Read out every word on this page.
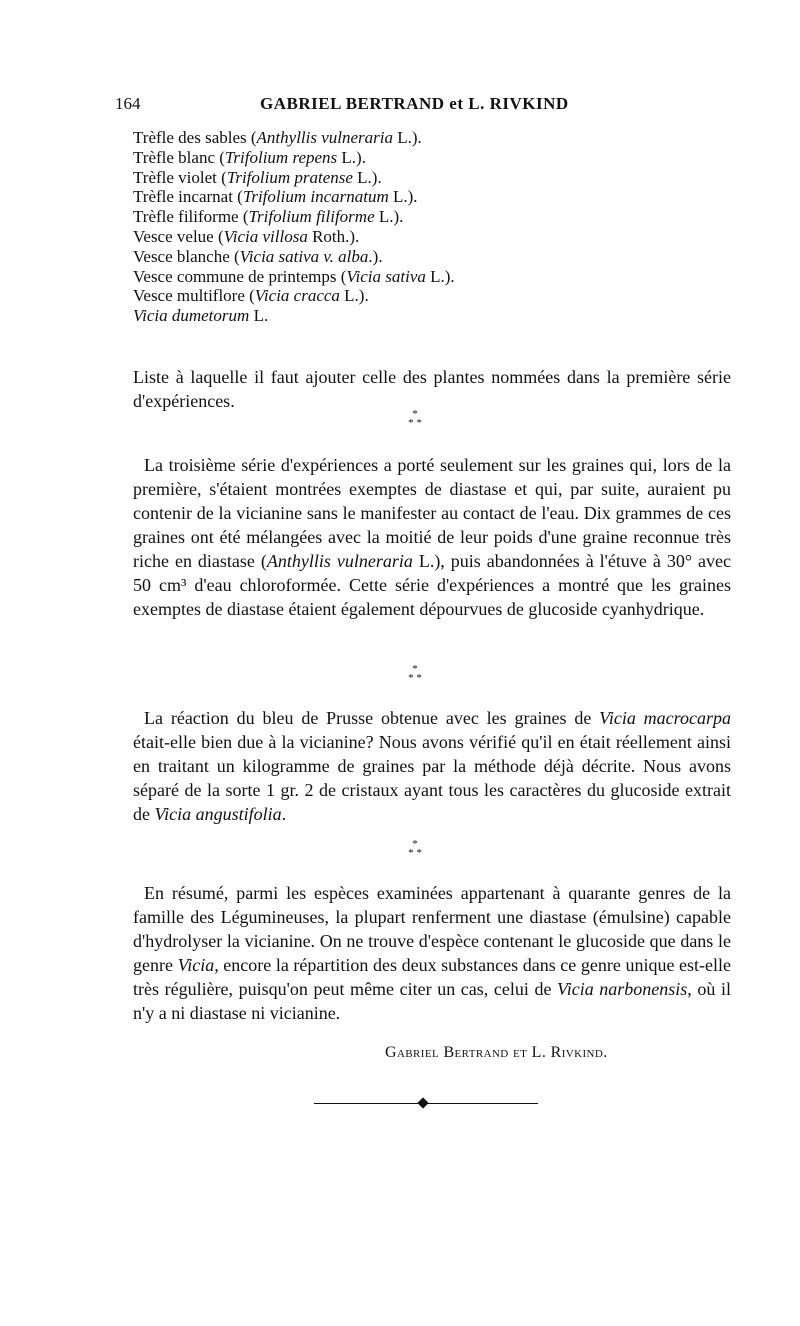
164	GABRIEL BERTRAND et L. RIVKIND
Trèfle des sables (Anthyllis vulneraria L.).
Trèfle blanc (Trifolium repens L.).
Trèfle violet (Trifolium pratense L.).
Trèfle incarnat (Trifolium incarnatum L.).
Trèfle filiforme (Trifolium filiforme L.).
Vesce velue (Vicia villosa Roth.).
Vesce blanche (Vicia sativa v. alba.).
Vesce commune de printemps (Vicia sativa L.).
Vesce multiflore (Vicia cracca L.).
Vicia dumetorum L.

Liste à laquelle il faut ajouter celle des plantes nommées dans la première série d'expériences.

*
* *

La troisième série d'expériences a porté seulement sur les graines qui, lors de la première, s'étaient montrées exemptes de diastase et qui, par suite, auraient pu contenir de la vicianine sans le manifester au contact de l'eau. Dix grammes de ces graines ont été mélangées avec la moitié de leur poids d'une graine reconnue très riche en diastase (Anthyllis vulneraria L.), puis abandonnées à l'étuve à 30° avec 50 cm³ d'eau chloroformée. Cette série d'expériences a montré que les graines exemptes de diastase étaient également dépourvues de glucoside cyanhydrique.

*
* *

La réaction du bleu de Prusse obtenue avec les graines de Vicia macrocarpa était-elle bien due à la vicianine? Nous avons vérifié qu'il en était réellement ainsi en traitant un kilogramme de graines par la méthode déjà décrite. Nous avons séparé de la sorte 1 gr. 2 de cristaux ayant tous les caractères du glucoside extrait de Vicia angustifolia.

*
* *

En résumé, parmi les espèces examinées appartenant à quarante genres de la famille des Légumineuses, la plupart renferment une diastase (émulsine) capable d'hydrolyser la vicianine. On ne trouve d'espèce contenant le glucoside que dans le genre Vicia, encore la répartition des deux substances dans ce genre unique est-elle très régulière, puisqu'on peut même citer un cas, celui de Vicia narbonensis, où il n'y a ni diastase ni vicianine.

Gabriel Bertrand et L. Rivkind.
